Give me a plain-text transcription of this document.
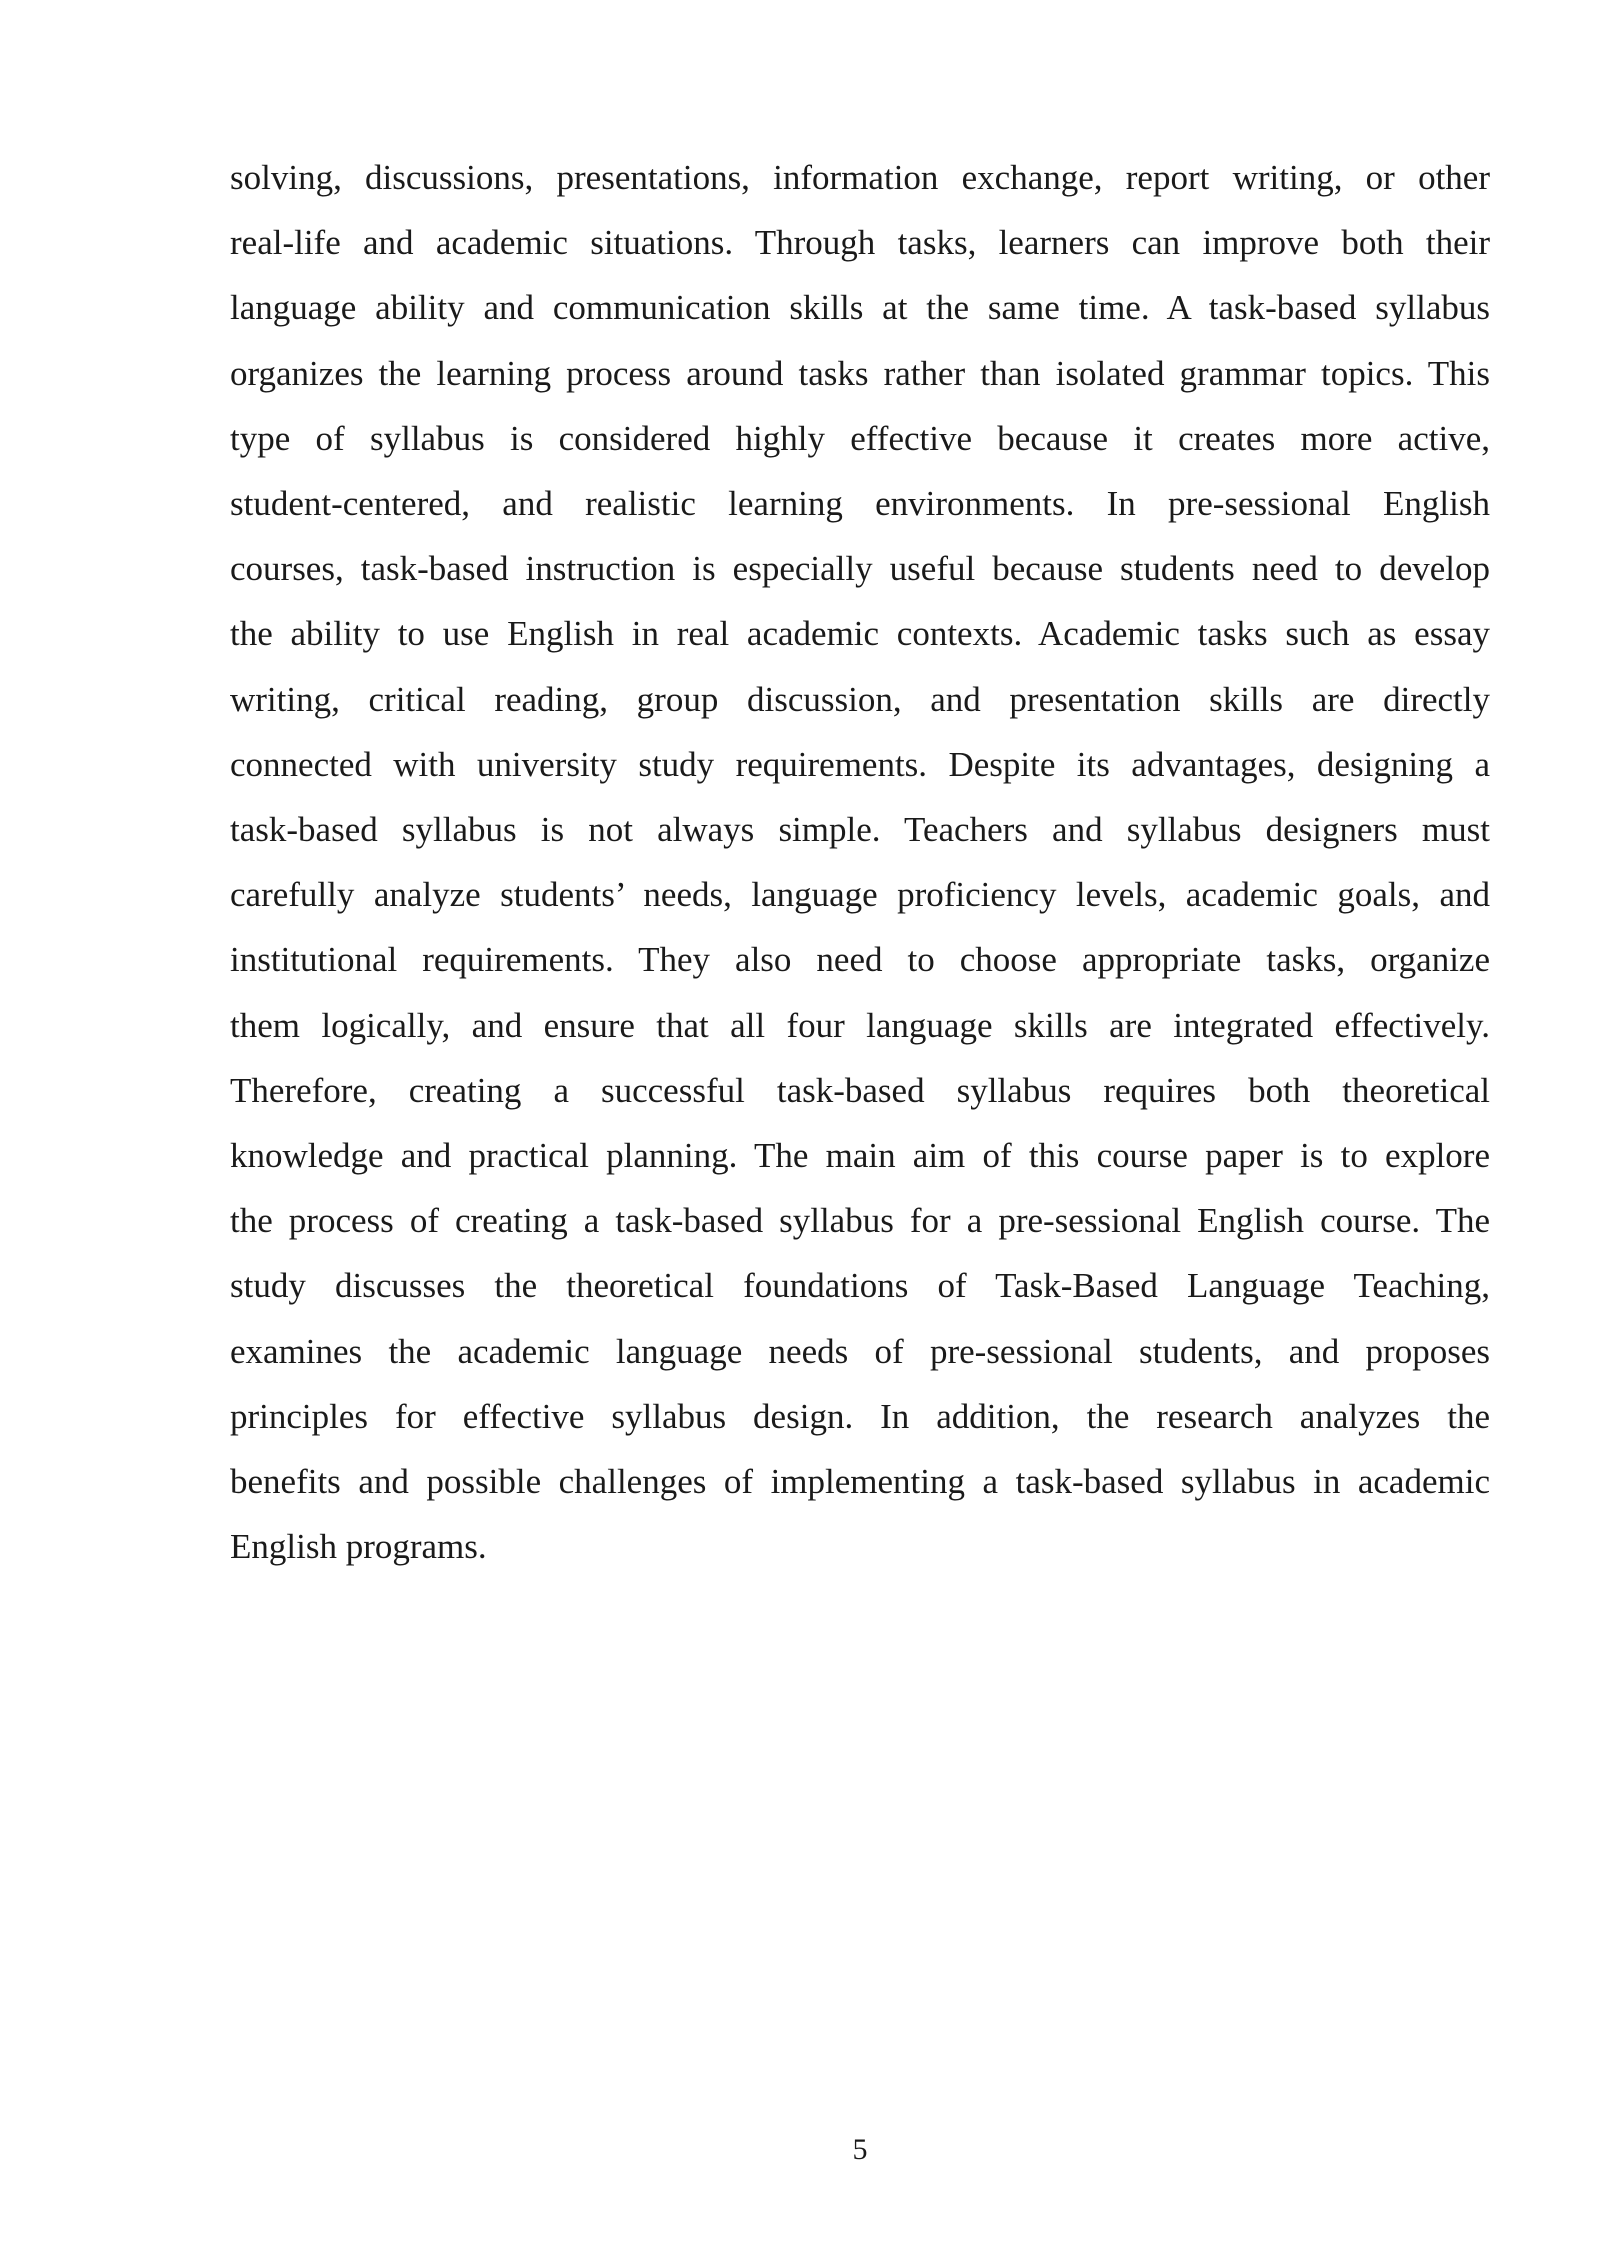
solving, discussions, presentations, information exchange, report writing, or other
real-life and academic situations. Through tasks, learners can improve both their
language ability and communication skills at the same time. A task-based syllabus
organizes the learning process around tasks rather than isolated grammar topics. This
type of syllabus is considered highly effective because it creates more active,
student-centered, and realistic learning environments. In pre-sessional English
courses, task-based instruction is especially useful because students need to develop
the ability to use English in real academic contexts. Academic tasks such as essay
writing, critical reading, group discussion, and presentation skills are directly
connected with university study requirements. Despite its advantages, designing a
task-based syllabus is not always simple. Teachers and syllabus designers must
carefully analyze students’ needs, language proficiency levels, academic goals, and
institutional requirements. They also need to choose appropriate tasks, organize
them logically, and ensure that all four language skills are integrated effectively.
Therefore, creating a successful task-based syllabus requires both theoretical
knowledge and practical planning. The main aim of this course paper is to explore
the process of creating a task-based syllabus for a pre-sessional English course. The
study discusses the theoretical foundations of Task-Based Language Teaching,
examines the academic language needs of pre-sessional students, and proposes
principles for effective syllabus design. In addition, the research analyzes the
benefits and possible challenges of implementing a task-based syllabus in academic
English programs.

5
